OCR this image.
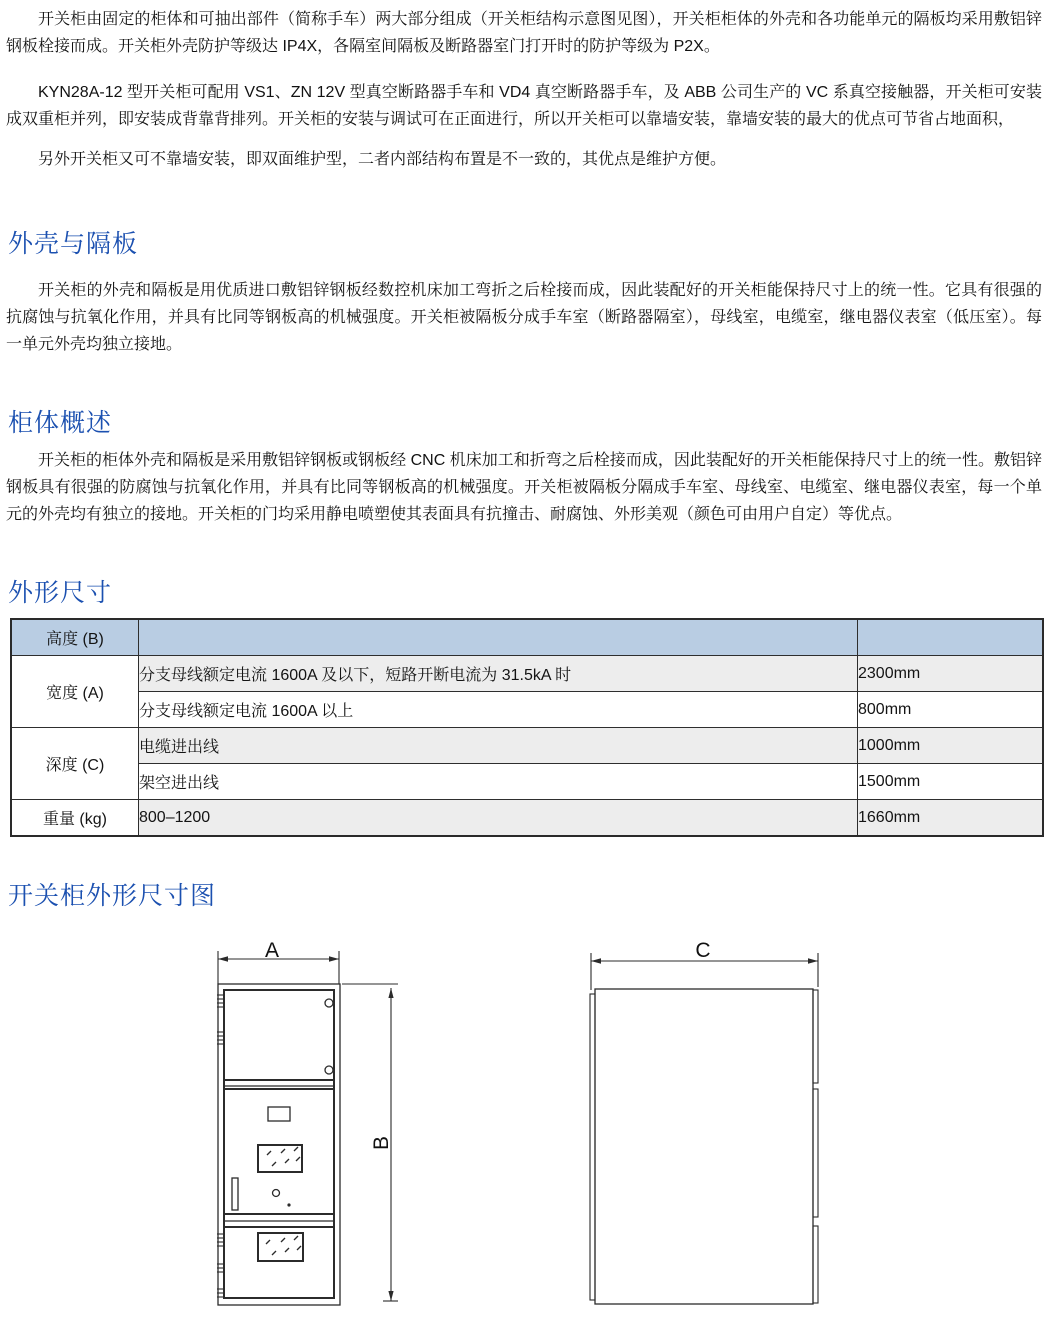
开关柜由固定的柜体和可抽出部件（简称手车）两大部分组成（开关柜结构示意图见图），开关柜柜体的外壳和各功能单元的隔板均采用敷铝锌钢板栓接而成。开关柜外壳防护等级达 IP4X，各隔室间隔板及断路器室门打开时的防护等级为 P2X。

KYN28A-12 型开关柜可配用 VS1、ZN 12V 型真空断路器手车和 VD4 真空断路器手车，及 ABB 公司生产的 VC 系真空接触器，开关柜可安装成双重柜并列，即安装成背靠背排列。开关柜的安装与调试可在正面进行，所以开关柜可以靠墙安装，靠墙安装的最大的优点可节省占地面积，

另外开关柜又可不靠墙安装，即双面维护型，二者内部结构布置是不一致的，其优点是维护方便。

外壳与隔板

开关柜的外壳和隔板是用优质进口敷铝锌钢板经数控机床加工弯折之后栓接而成，因此装配好的开关柜能保持尺寸上的统一性。它具有很强的抗腐蚀与抗氧化作用，并具有比同等钢板高的机械强度。开关柜被隔板分成手车室（断路器隔室），母线室，电缆室，继电器仪表室（低压室）。每一单元外壳均独立接地。

柜体概述

开关柜的柜体外壳和隔板是采用敷铝锌钢板或钢板经 CNC 机床加工和折弯之后栓接而成，因此装配好的开关柜能保持尺寸上的统一性。敷铝锌钢板具有很强的防腐蚀与抗氧化作用，并具有比同等钢板高的机械强度。开关柜被隔板分隔成手车室、母线室、电缆室、继电器仪表室，每一个单元的外壳均有独立的接地。开关柜的门均采用静电喷塑使其表面具有抗撞击、耐腐蚀、外形美观（颜色可由用户自定）等优点。

外形尺寸
高度 (B)		
宽度 (A)	分支母线额定电流 1600A 及以下，短路开断电流为 31.5kA 时	2300mm
	分支母线额定电流 1600A 以上	800mm
深度 (C)	电缆进出线	1000mm
	架空进出线	1500mm
重量 (kg)	800–1200	1660mm
开关柜外形尺寸图
A
B
C
